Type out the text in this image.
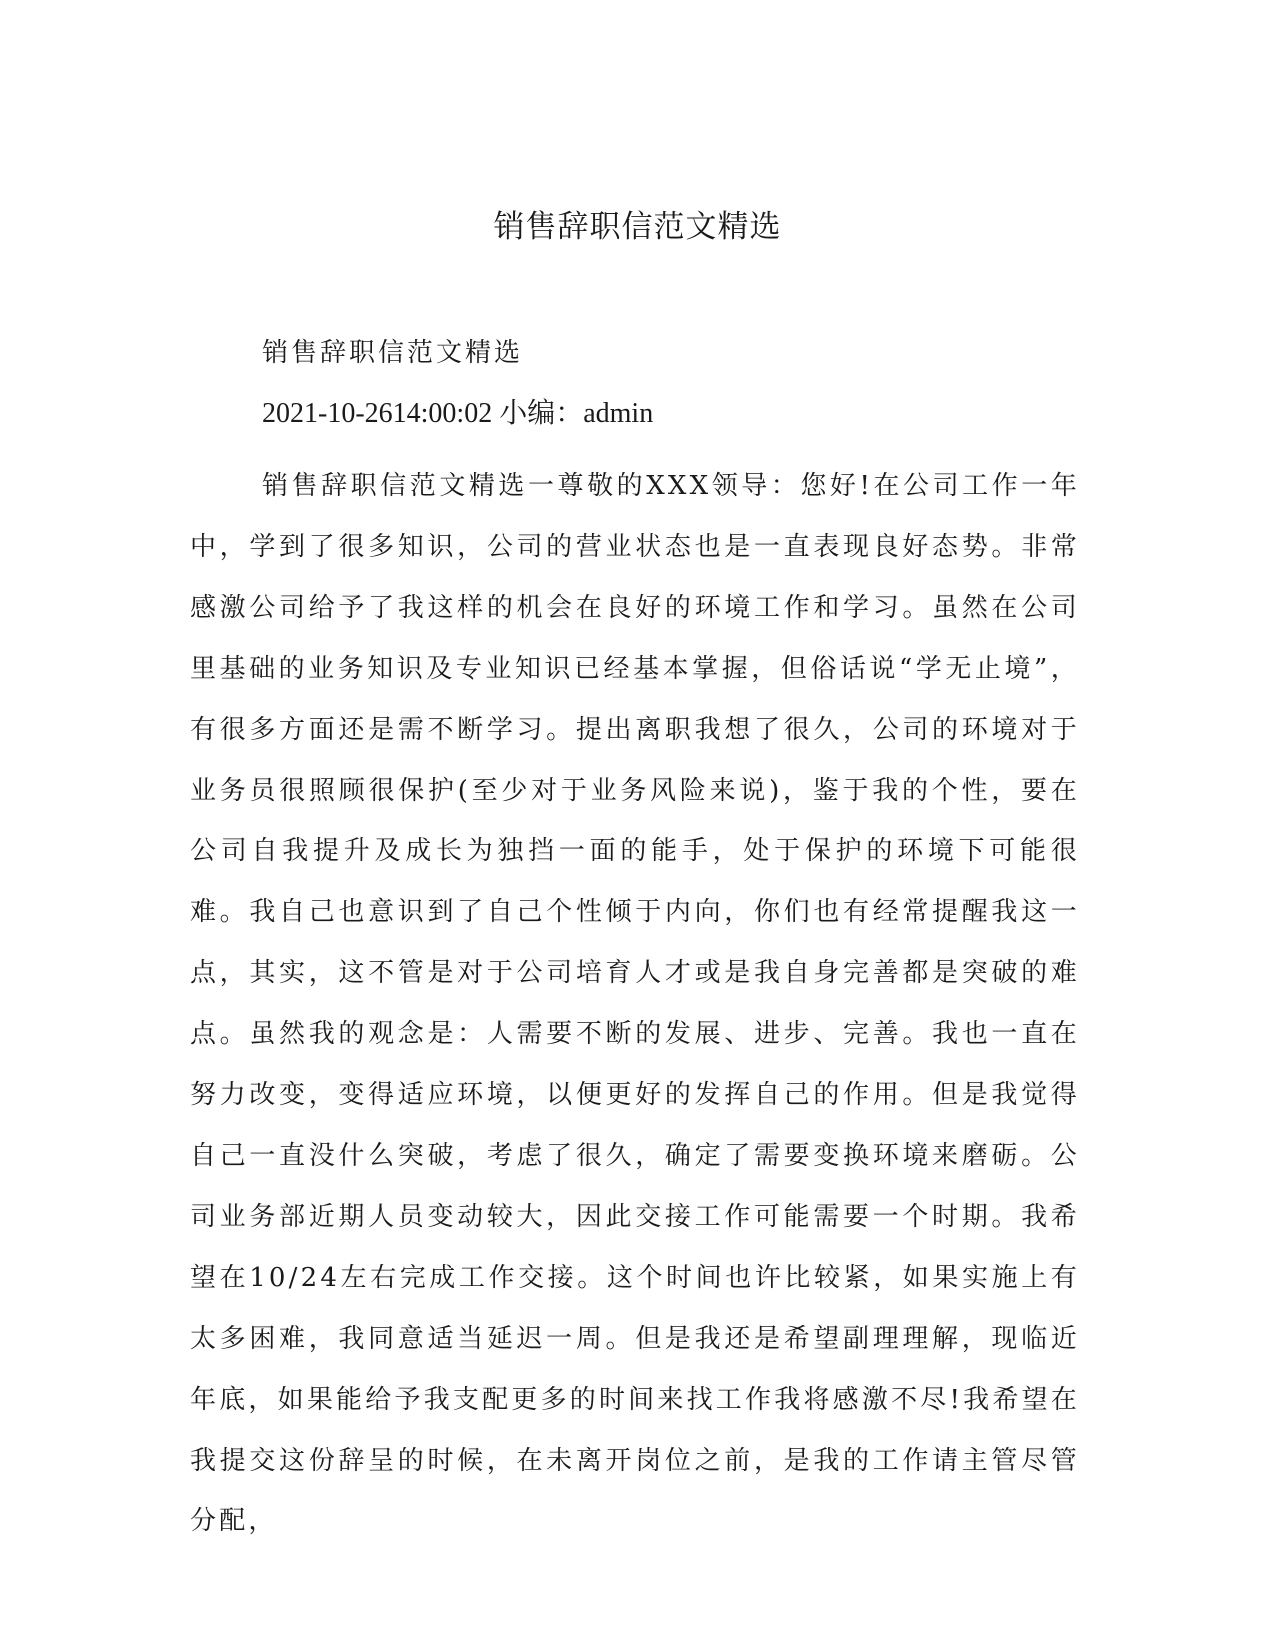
销售辞职信范文精选

销售辞职信范文精选

2021-10-2614:00:02 小编：admin

销售辞职信范文精选一尊敬的XXX领导：您好!在公司工作一年中，学到了很多知识，公司的营业状态也是一直表现良好态势。非常感激公司给予了我这样的机会在良好的环境工作和学习。虽然在公司里基础的业务知识及专业知识已经基本掌握，但俗话说“学无止境”，有很多方面还是需不断学习。提出离职我想了很久，公司的环境对于业务员很照顾很保护(至少对于业务风险来说)，鉴于我的个性，要在公司自我提升及成长为独挡一面的能手，处于保护的环境下可能很难。我自己也意识到了自己个性倾于内向，你们也有经常提醒我这一点，其实，这不管是对于公司培育人才或是我自身完善都是突破的难点。虽然我的观念是：人需要不断的发展、进步、完善。我也一直在努力改变，变得适应环境，以便更好的发挥自己的作用。但是我觉得自己一直没什么突破，考虑了很久，确定了需要变换环境来磨砺。公司业务部近期人员变动较大，因此交接工作可能需要一个时期。我希望在10/24左右完成工作交接。这个时间也许比较紧，如果实施上有太多困难，我同意适当延迟一周。但是我还是希望副理理解，现临近年底，如果能给予我支配更多的时间来找工作我将感激不尽!我希望在我提交这份辞呈的时候，在未离开岗位之前，是我的工作请主管尽管分配，
